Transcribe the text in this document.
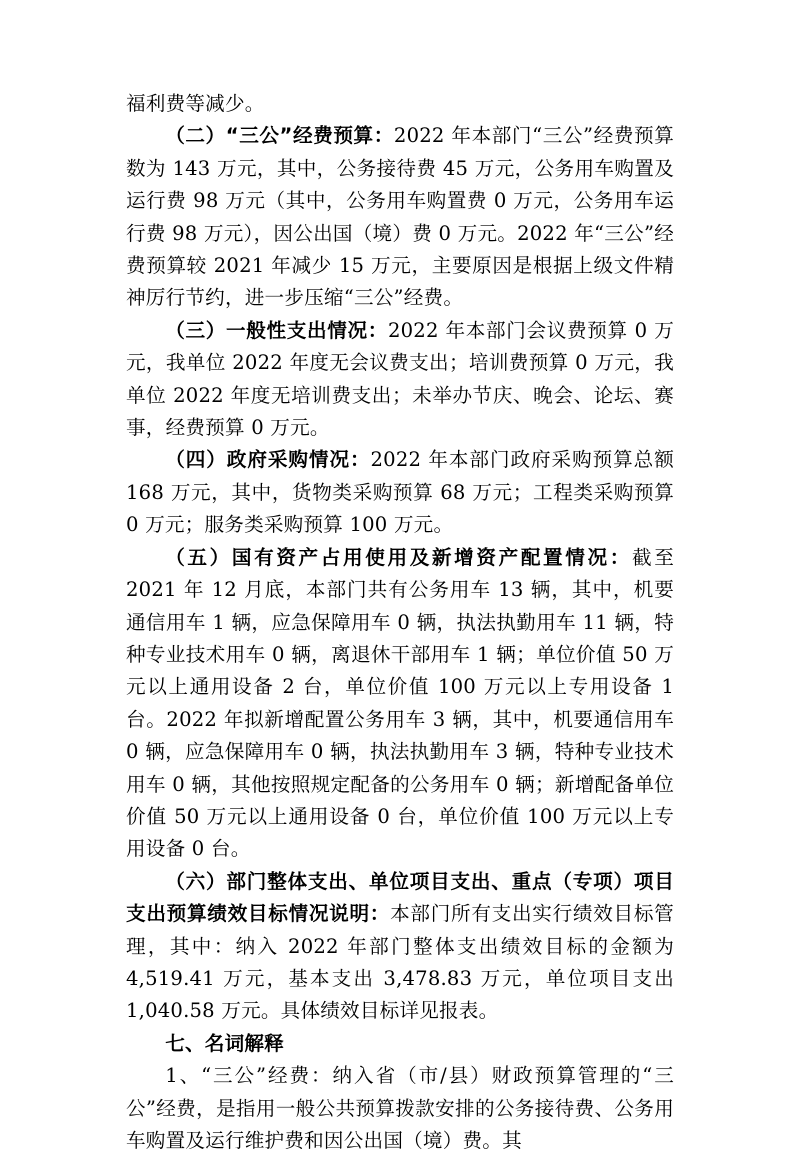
福利费等减少。

（二）“三公”经费预算：2022 年本部门“三公”经费预算数为 143 万元，其中，公务接待费 45 万元，公务用车购置及运行费 98 万元（其中，公务用车购置费 0 万元，公务用车运行费 98 万元），因公出国（境）费 0 万元。2022 年“三公”经费预算较 2021 年减少 15 万元，主要原因是根据上级文件精神厉行节约，进一步压缩“三公”经费。

（三）一般性支出情况：2022 年本部门会议费预算 0 万元，我单位 2022 年度无会议费支出；培训费预算 0 万元，我单位 2022 年度无培训费支出；未举办节庆、晚会、论坛、赛事，经费预算 0 万元。

（四）政府采购情况：2022 年本部门政府采购预算总额 168 万元，其中，货物类采购预算 68 万元；工程类采购预算 0 万元；服务类采购预算 100 万元。

（五）国有资产占用使用及新增资产配置情况：截至 2021 年 12 月底，本部门共有公务用车 13 辆，其中，机要通信用车 1 辆，应急保障用车 0 辆，执法执勤用车 11 辆，特种专业技术用车 0 辆，离退休干部用车 1 辆；单位价值 50 万元以上通用设备 2 台，单位价值 100 万元以上专用设备 1 台。2022 年拟新增配置公务用车 3 辆，其中，机要通信用车 0 辆，应急保障用车 0 辆，执法执勤用车 3 辆，特种专业技术用车 0 辆，其他按照规定配备的公务用车 0 辆；新增配备单位价值 50 万元以上通用设备 0 台，单位价值 100 万元以上专用设备 0 台。

（六）部门整体支出、单位项目支出、重点（专项）项目支出预算绩效目标情况说明：本部门所有支出实行绩效目标管理，其中：纳入 2022 年部门整体支出绩效目标的金额为 4,519.41 万元，基本支出 3,478.83 万元，单位项目支出 1,040.58 万元。具体绩效目标详见报表。

七、名词解释

1、“三公”经费：纳入省（市/县）财政预算管理的“三公”经费，是指用一般公共预算拨款安排的公务接待费、公务用车购置及运行维护费和因公出国（境）费。其
